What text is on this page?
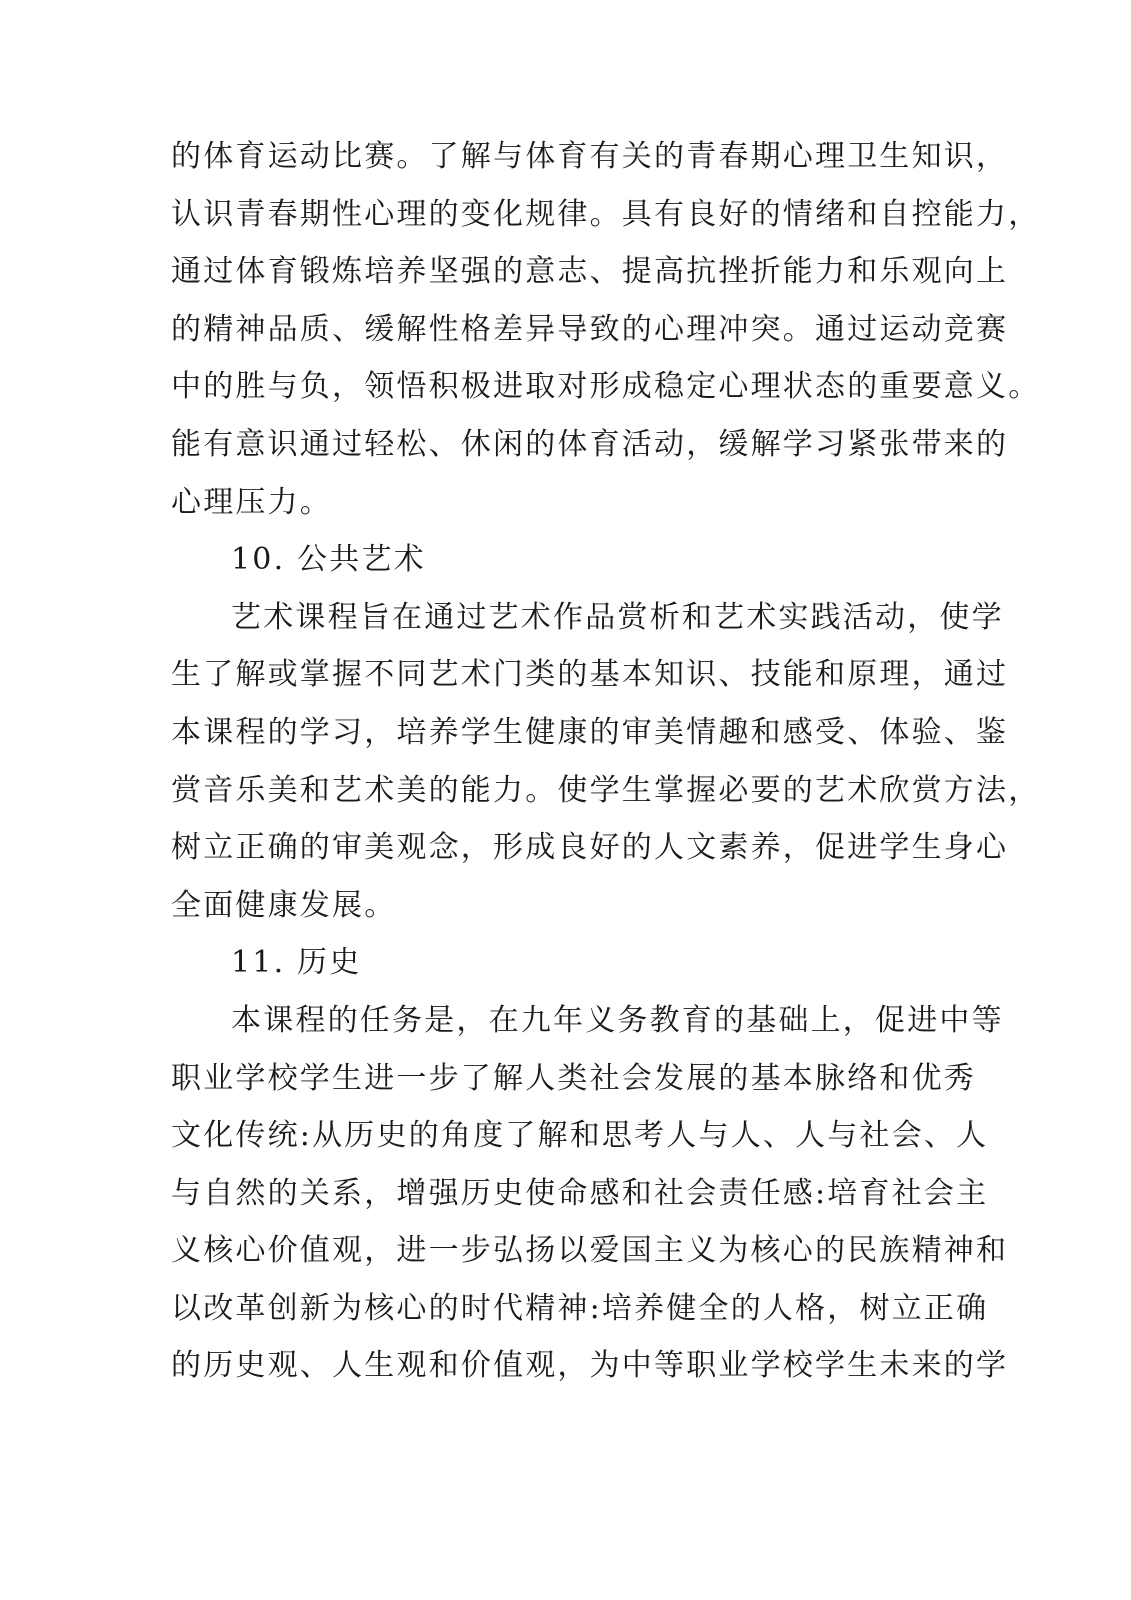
的体育运动比赛。了解与体育有关的青春期心理卫生知识，
认识青春期性心理的变化规律。具有良好的情绪和自控能力，
通过体育锻炼培养坚强的意志、提高抗挫折能力和乐观向上
的精神品质、缓解性格差异导致的心理冲突。通过运动竞赛
中的胜与负，领悟积极进取对形成稳定心理状态的重要意义。
能有意识通过轻松、休闲的体育活动，缓解学习紧张带来的
心理压力。
10. 公共艺术
艺术课程旨在通过艺术作品赏析和艺术实践活动，使学
生了解或掌握不同艺术门类的基本知识、技能和原理，通过
本课程的学习，培养学生健康的审美情趣和感受、体验、鉴
赏音乐美和艺术美的能力。使学生掌握必要的艺术欣赏方法，
树立正确的审美观念，形成良好的人文素养，促进学生身心
全面健康发展。
11. 历史
本课程的任务是，在九年义务教育的基础上，促进中等
职业学校学生进一步了解人类社会发展的基本脉络和优秀
文化传统:从历史的角度了解和思考人与人、人与社会、人
与自然的关系，增强历史使命感和社会责任感:培育社会主
义核心价值观，进一步弘扬以爱国主义为核心的民族精神和
以改革创新为核心的时代精神:培养健全的人格，树立正确
的历史观、人生观和价值观，为中等职业学校学生未来的学
